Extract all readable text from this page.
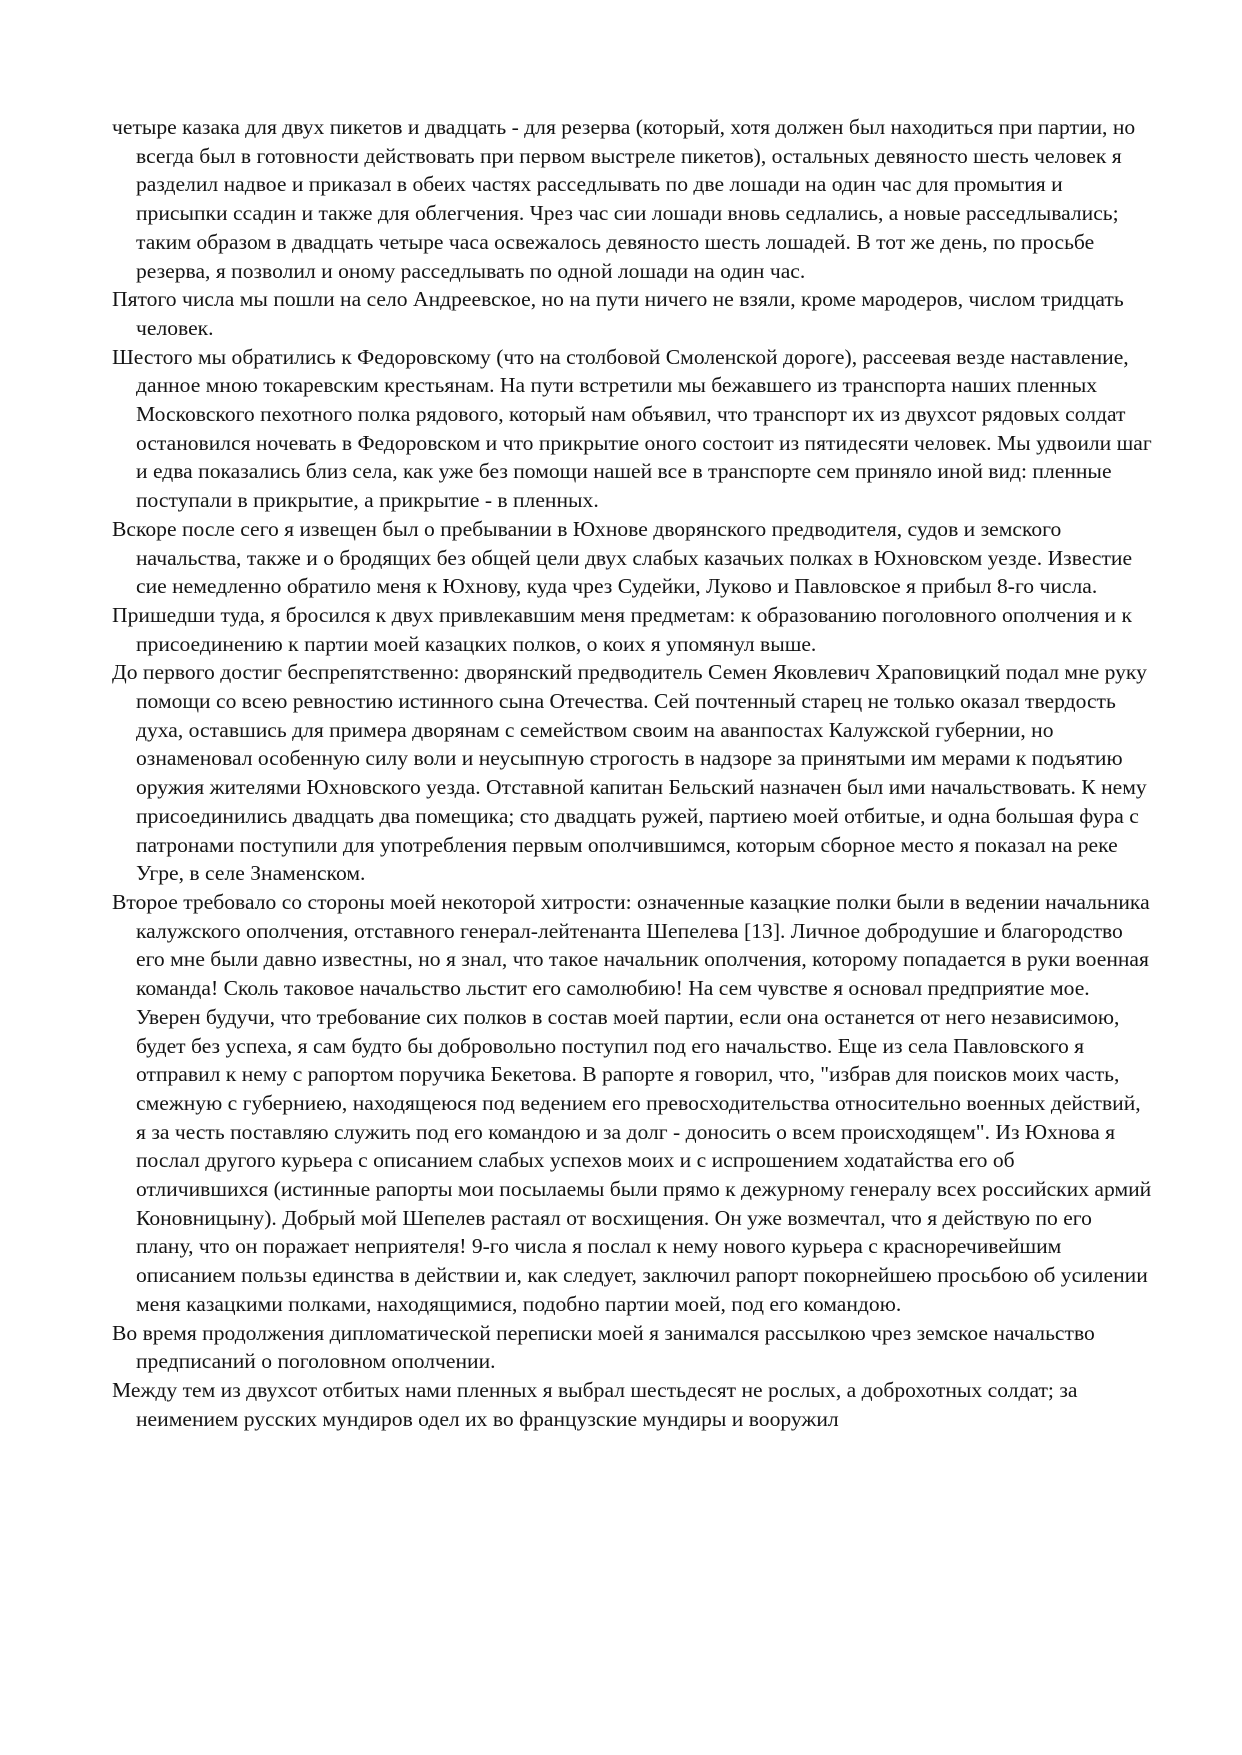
четыре казака для двух пикетов и двадцать - для резерва (который, хотя должен был находиться при партии, но всегда был в готовности действовать при первом выстреле пикетов), остальных девяносто шесть человек я разделил надвое и приказал в обеих частях расседлывать по две лошади на один час для промытия и присыпки ссадин и также для облегчения. Чрез час сии лошади вновь седлались, а новые расседлывались; таким образом в двадцать четыре часа освежалось девяносто шесть лошадей. В тот же день, по просьбе резерва, я позволил и оному расседлывать по одной лошади на один час.

Пятого числа мы пошли на село Андреевское, но на пути ничего не взяли, кроме мародеров, числом тридцать человек.

Шестого мы обратились к Федоровскому (что на столбовой Смоленской дороге), рассеевая везде наставление, данное мною токаревским крестьянам. На пути встретили мы бежавшего из транспорта наших пленных Московского пехотного полка рядового, который нам объявил, что транспорт их из двухсот рядовых солдат остановился ночевать в Федоровском и что прикрытие оного состоит из пятидесяти человек. Мы удвоили шаг и едва показались близ села, как уже без помощи нашей все в транспорте сем приняло иной вид: пленные поступали в прикрытие, а прикрытие - в пленных.

Вскоре после сего я извещен был о пребывании в Юхнове дворянского предводителя, судов и земского начальства, также и о бродящих без общей цели двух слабых казачьих полках в Юхновском уезде. Известие сие немедленно обратило меня к Юхнову, куда чрез Судейки, Луково и Павловское я прибыл 8-го числа.

Пришедши туда, я бросился к двух привлекавшим меня предметам: к образованию поголовного ополчения и к присоединению к партии моей казацких полков, о коих я упомянул выше.

До первого достиг беспрепятственно: дворянский предводитель Семен Яковлевич Храповицкий подал мне руку помощи со всею ревностию истинного сына Отечества. Сей почтенный старец не только оказал твердость духа, оставшись для примера дворянам с семейством своим на аванпостах Калужской губернии, но ознаменовал особенную силу воли и неусыпную строгость в надзоре за принятыми им мерами к подъятию оружия жителями Юхновского уезда. Отставной капитан Бельский назначен был ими начальствовать. К нему присоединились двадцать два помещика; сто двадцать ружей, партиею моей отбитые, и одна большая фура с патронами поступили для употребления первым ополчившимся, которым сборное место я показал на реке Угре, в селе Знаменском.

Второе требовало со стороны моей некоторой хитрости: означенные казацкие полки были в ведении начальника калужского ополчения, отставного генерал-лейтенанта Шепелева [13]. Личное добродушие и благородство его мне были давно известны, но я знал, что такое начальник ополчения, которому попадается в руки военная команда! Сколь таковое начальство льстит его самолюбию! На сем чувстве я основал предприятие мое. Уверен будучи, что требование сих полков в состав моей партии, если она останется от него независимою, будет без успеха, я сам будто бы добровольно поступил под его начальство. Еще из села Павловского я отправил к нему с рапортом поручика Бекетова. В рапорте я говорил, что, "избрав для поисков моих часть, смежную с губерниею, находящеюся под ведением его превосходительства относительно военных действий, я за честь поставляю служить под его командою и за долг - доносить о всем происходящем". Из Юхнова я послал другого курьера с описанием слабых успехов моих и с испрошением ходатайства его об отличившихся (истинные рапорты мои посылаемы были прямо к дежурному генералу всех российских армий Коновницыну). Добрый мой Шепелев растаял от восхищения. Он уже возмечтал, что я действую по его плану, что он поражает неприятеля! 9-го числа я послал к нему нового курьера с красноречивейшим описанием пользы единства в действии и, как следует, заключил рапорт покорнейшею просьбою об усилении меня казацкими полками, находящимися, подобно партии моей, под его командою.

Во время продолжения дипломатической переписки моей я занимался рассылкою чрез земское начальство предписаний о поголовном ополчении.

Между тем из двухсот отбитых нами пленных я выбрал шестьдесят не рослых, а доброхотных солдат; за неимением русских мундиров одел их во французские мундиры и вооружил
